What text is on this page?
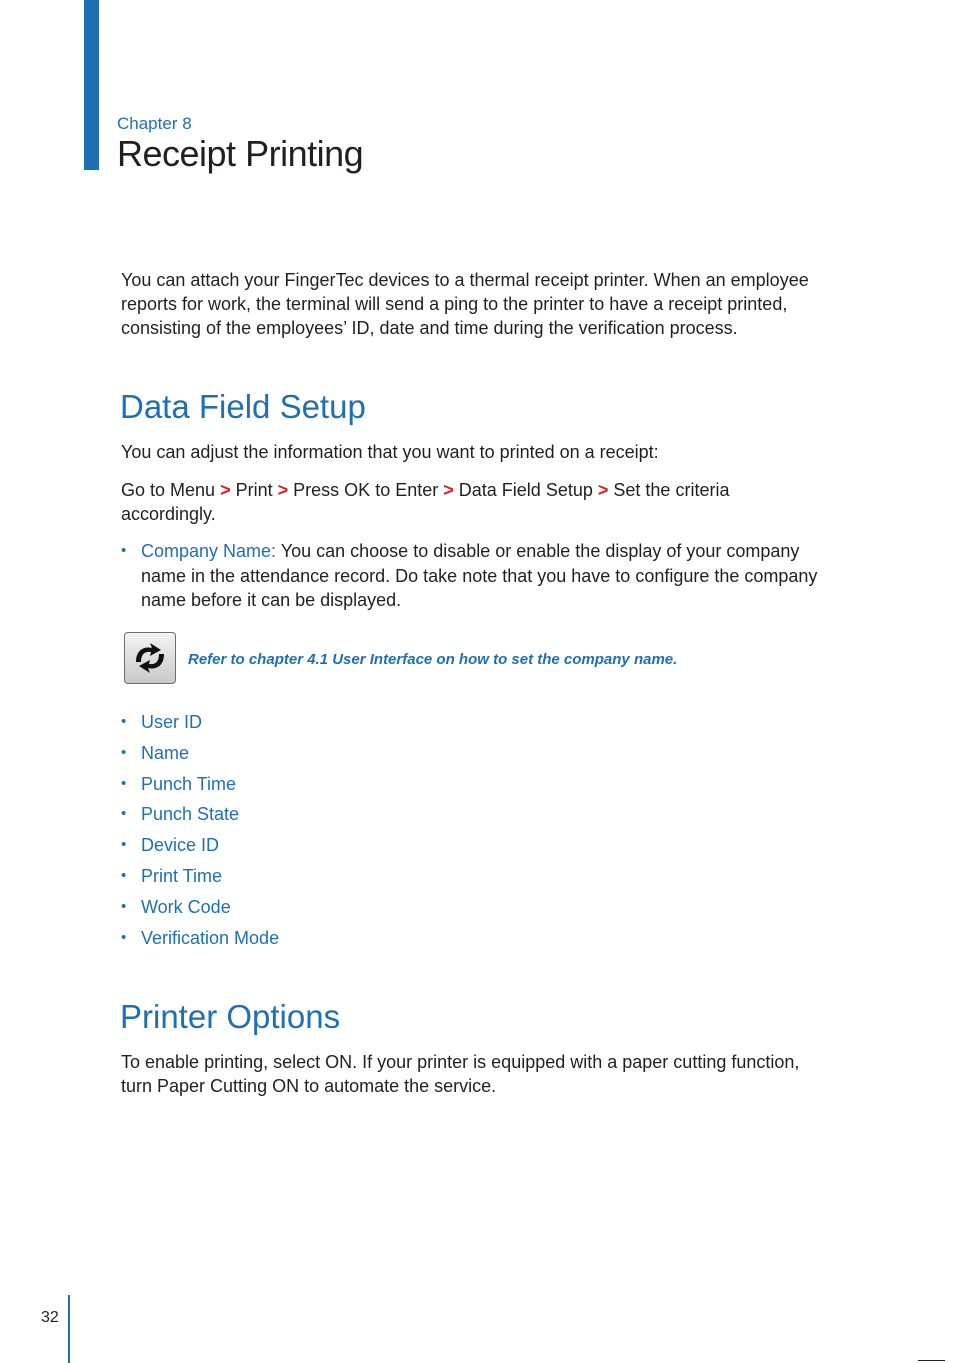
Chapter 8
Receipt Printing
You can attach your FingerTec devices to a thermal receipt printer. When an employee reports for work, the terminal will send a ping to the printer to have a receipt printed, consisting of the employees’ ID, date and time during the verification process.
Data Field Setup
You can adjust the information that you want to printed on a receipt:
Go to Menu > Print > Press OK to Enter > Data Field Setup > Set the criteria accordingly.
• Company Name: You can choose to disable or enable the display of your company name in the attendance record. Do take note that you have to configure the company name before it can be displayed.
Refer to chapter 4.1 User Interface on how to set the company name.
• User ID
• Name
• Punch Time
• Punch State
• Device ID
• Print Time
• Work Code
• Verification Mode
Printer Options
To enable printing, select ON. If your printer is equipped with a paper cutting function, turn Paper Cutting ON to automate the service.
32
